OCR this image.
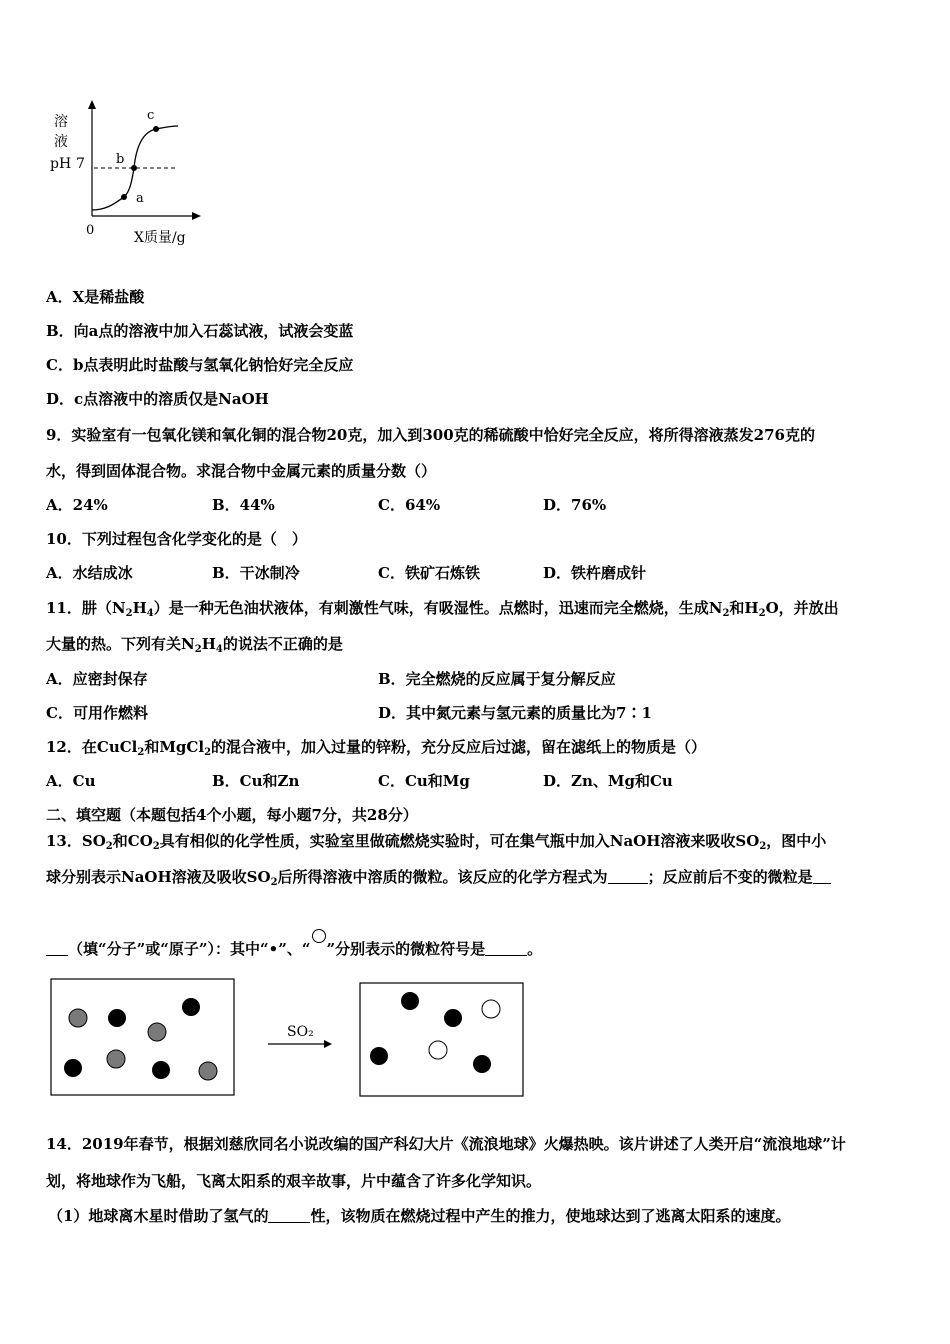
溶
液
pH 7
0	X质量/g
a
b
c
A．X是稀盐酸
B．向a点的溶液中加入石蕊试液，试液会变蓝
C．b点表明此时盐酸与氢氧化钠恰好完全反应
D．c点溶液中的溶质仅是NaOH
9．实验室有一包氧化镁和氧化铜的混合物20克，加入到300克的稀硫酸中恰好完全反应，将所得溶液蒸发276克的
水，得到固体混合物。求混合物中金属元素的质量分数（）
A．24%	B．44%	C．64%	D．76%
10．下列过程包含化学变化的是（　）
A．水结成冰	B．干冰制冷	C．铁矿石炼铁	D．铁杵磨成针
11．肼$(N_2H_4)$是一种无色油状液体，有刺激性气味，有吸湿性。点燃时，迅速而完全燃烧，生成$N_2$和$H_2O$，并放出
大量的热。下列有关$N_2H_4$的说法不正确的是
A．应密封保存	B．完全燃烧的反应属于复分解反应
C．可用作燃料	D．其中氮元素与氢元素的质量比为7∶1
12．在CuCl$_2$和MgCl$_2$的混合液中，加入过量的锌粉，充分反应后过滤，留在滤纸上的物质是（）
A．Cu	B．Cu和Zn	C．Cu和Mg	D．Zn、Mg和Cu
二、填空题（本题包括4个小题，每小题7分，共28分）
13．$SO_2$和$CO_2$具有相似的化学性质，实验室里做硫燃烧实验时，可在集气瓶中加入NaOH溶液来吸收$SO_2$，图中小
球分别表示NaOH溶液及吸收$SO_2$后所得溶液中溶质的微粒。该反应的化学方程式为	；反应前后不变的微粒是
（填“分子”或“原子”）：其中“•”、“ ”分别表示的微粒符号是	。
SO₂
14．2019年春节，根据刘慈欣同名小说改编的国产科幻大片《流浪地球》火爆热映。该片讲述了人类开启“流浪地球”计
划，将地球作为飞船，飞离太阳系的艰辛故事，片中蕴含了许多化学知识。
（1）地球离木星时借助了氢气的	性，该物质在燃烧过程中产生的推力，使地球达到了逃离太阳系的速度。
